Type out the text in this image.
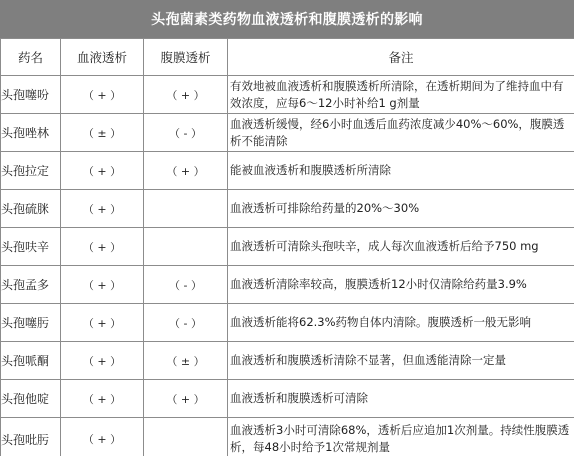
头孢菌素类药物血液透析和腹膜透析的影响
药名	血液透析	腹膜透析	备注
头孢噻吩	（ + ）	（ + ）	有效地被血液透析和腹膜透析所清除，在透析期间为了维持血中有效浓度，应每6～12小时补给1 g剂量
头孢唑林	（ ± ）	（ - ）	血液透析缓慢，经6小时血透后血药浓度减少40%～60%，腹膜透析不能清除
头孢拉定	（ + ）	（ + ）	能被血液透析和腹膜透析所清除
头孢硫脒	（ + ）		血液透析可排除给药量的20%～30%
头孢呋辛	（ + ）		血液透析可清除头孢呋辛，成人每次血液透析后给予750 mg
头孢孟多	（ + ）	（ - ）	血液透析清除率较高，腹膜透析12小时仅清除给药量3.9%
头孢噻肟	（ + ）	（ - ）	血液透析能将62.3%药物自体内清除。腹膜透析一般无影响
头孢哌酮	（ + ）	（ ± ）	血液透析和腹膜透析清除不显著，但血透能清除一定量
头孢他啶	（ + ）	（ + ）	血液透析和腹膜透析可清除
头孢吡肟	（ + ）		血液透析3小时可清除68%，透析后应追加1次剂量。持续性腹膜透析，每48小时给予1次常规剂量
